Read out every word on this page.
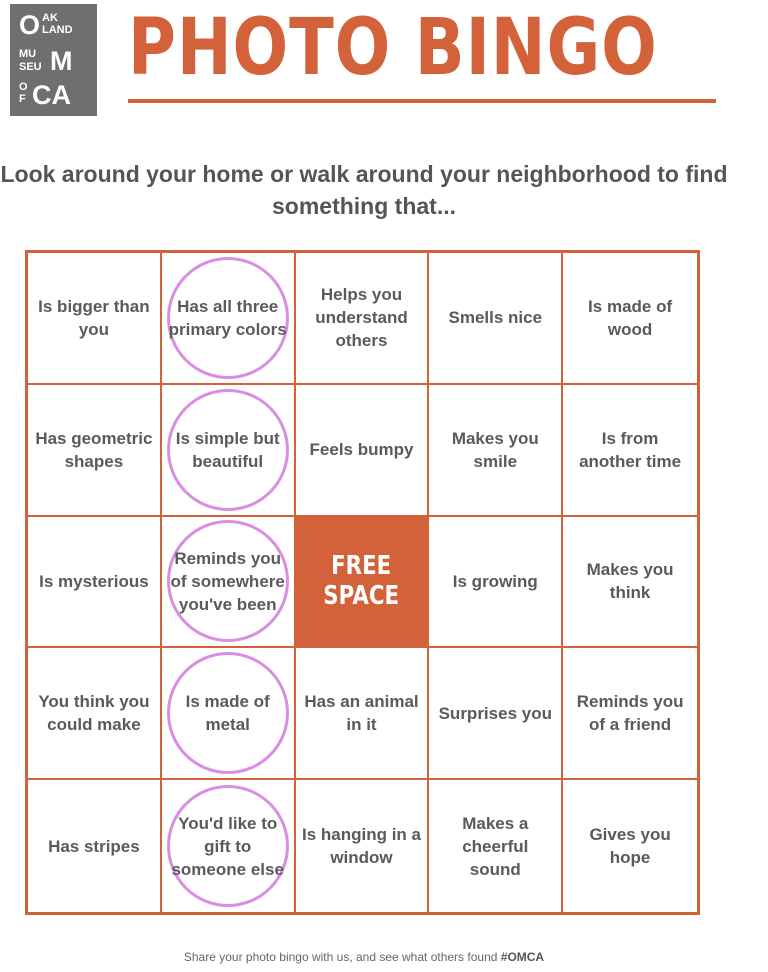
O AK
LAND
MU
SEU M
O
F CA
PHOTO BINGO

Look around your home or walk around your neighborhood to find something that...

Is bigger than you
Has all three primary colors
Helps you understand others
Smells nice
Is made of wood
Has geometric shapes
Is simple but beautiful
Feels bumpy
Makes you smile
Is from another time
Is mysterious
Reminds you of somewhere you've been
FREE
SPACE	Is growing
Makes you think
You think you could make
Is made of metal
Has an animal in it
Surprises you
Reminds you of a friend
Has stripes
You'd like to gift to someone else
Is hanging in a window
Makes a cheerful sound
Gives you hope

Share your photo bingo with us, and see what others found #OMCA
